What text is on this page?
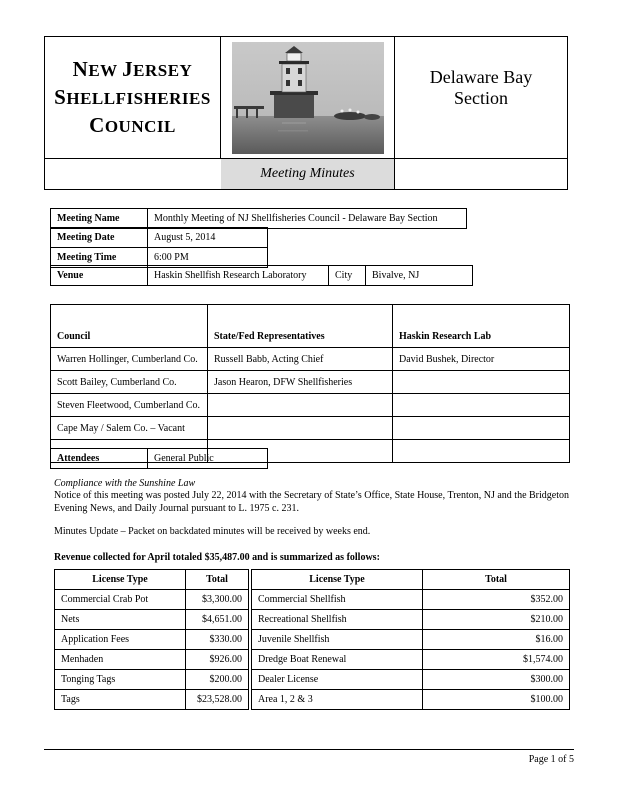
NEW JERSEY
SHELLFISHERIES
COUNCIL
Delaware Bay
Section
Meeting Minutes
Meeting Name	Monthly Meeting of NJ Shellfisheries Council - Delaware Bay Section
Meeting Date	August 5, 2014
Meeting Time	6:00 PM
Venue	Haskin Shellfish Research Laboratory	City	Bivalve, NJ

Council	State/Fed Representatives	Haskin Research Lab
Warren Hollinger, Cumberland Co.	Russell Babb, Acting Chief	David Bushek, Director
Scott Bailey, Cumberland Co.	Jason Hearon, DFW Shellfisheries	
Steven Fleetwood, Cumberland Co.		
Cape May / Salem Co. – Vacant		

Attendees	General Public
Compliance with the Sunshine Law
Notice of this meeting was posted July 22, 2014 with the Secretary of State’s Office, State House, Trenton, NJ and the Bridgeton Evening News, and Daily Journal pursuant to L. 1975 c. 231.
Minutes Update – Packet on backdated minutes will be received by weeks end.
Revenue collected for April totaled $35,487.00 and is summarized as follows:
License Type	Total		License Type	Total
Commercial Crab Pot	$3,300.00		Commercial Shellfish	$352.00
Nets	$4,651.00		Recreational Shellfish	$210.00
Application Fees	$330.00		Juvenile Shellfish	$16.00
Menhaden	$926.00		Dredge Boat Renewal	$1,574.00
Tonging Tags	$200.00		Dealer License	$300.00
Tags	$23,528.00		Area 1, 2 & 3	$100.00
Page 1 of 5
